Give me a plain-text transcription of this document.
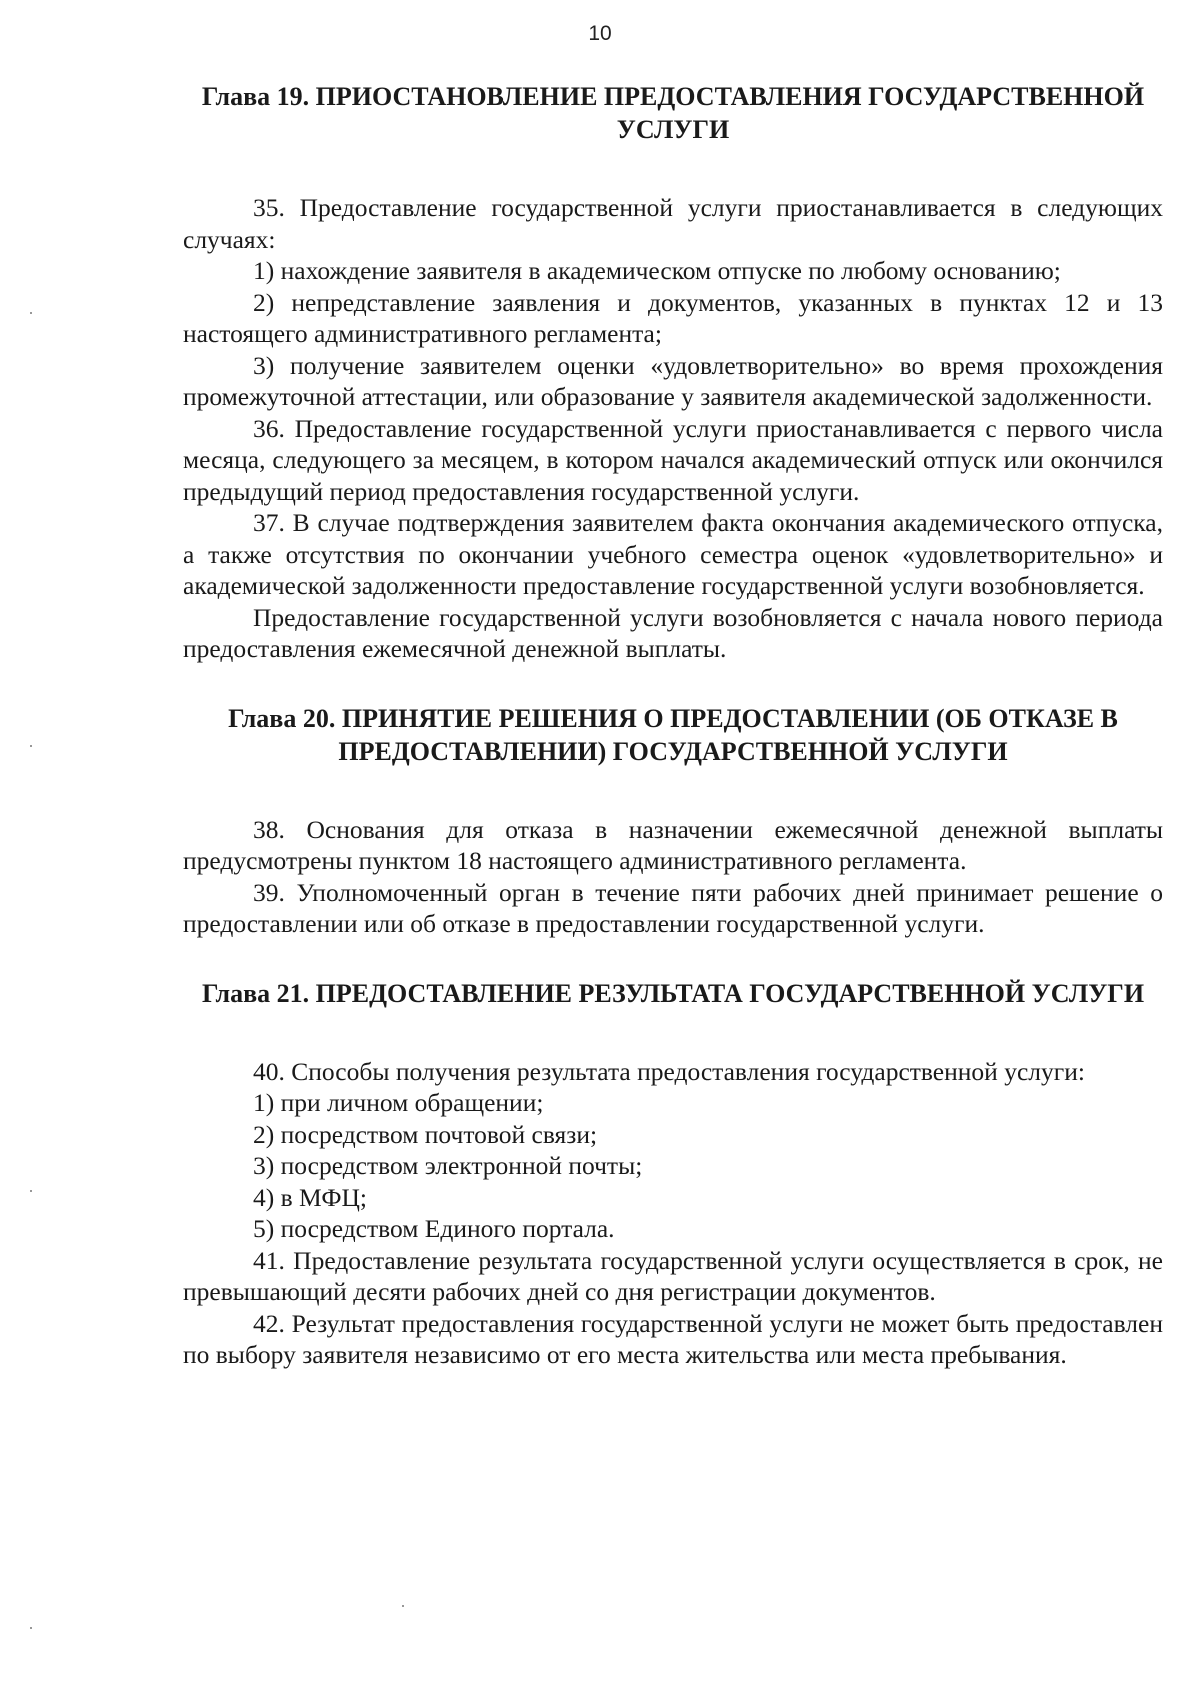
10
Глава 19. ПРИОСТАНОВЛЕНИЕ ПРЕДОСТАВЛЕНИЯ ГОСУДАРСТВЕННОЙ УСЛУГИ

35. Предоставление государственной услуги приостанавливается в следующих случаях:

1) нахождение заявителя в академическом отпуске по любому основанию;

2) непредставление заявления и документов, указанных в пунктах 12 и 13 настоящего административного регламента;

3) получение заявителем оценки «удовлетворительно» во время прохождения промежуточной аттестации, или образование у заявителя академической задолженности.

36. Предоставление государственной услуги приостанавливается с первого числа месяца, следующего за месяцем, в котором начался академический отпуск или окончился предыдущий период предоставления государственной услуги.

37. В случае подтверждения заявителем факта окончания академического отпуска, а также отсутствия по окончании учебного семестра оценок «удовлетворительно» и академической задолженности предоставление государственной услуги возобновляется.

Предоставление государственной услуги возобновляется с начала нового периода предоставления ежемесячной денежной выплаты.

Глава 20. ПРИНЯТИЕ РЕШЕНИЯ О ПРЕДОСТАВЛЕНИИ (ОБ ОТКАЗЕ В ПРЕДОСТАВЛЕНИИ) ГОСУДАРСТВЕННОЙ УСЛУГИ

38. Основания для отказа в назначении ежемесячной денежной выплаты предусмотрены пунктом 18 настоящего административного регламента.

39. Уполномоченный орган в течение пяти рабочих дней принимает решение о предоставлении или об отказе в предоставлении государственной услуги.

Глава 21. ПРЕДОСТАВЛЕНИЕ РЕЗУЛЬТАТА ГОСУДАРСТВЕННОЙ УСЛУГИ

40. Способы получения результата предоставления государственной услуги:

1) при личном обращении;

2) посредством почтовой связи;

3) посредством электронной почты;

4) в МФЦ;

5) посредством Единого портала.

41. Предоставление результата государственной услуги осуществляется в срок, не превышающий десяти рабочих дней со дня регистрации документов.

42. Результат предоставления государственной услуги не может быть предоставлен по выбору заявителя независимо от его места жительства или места пребывания.
